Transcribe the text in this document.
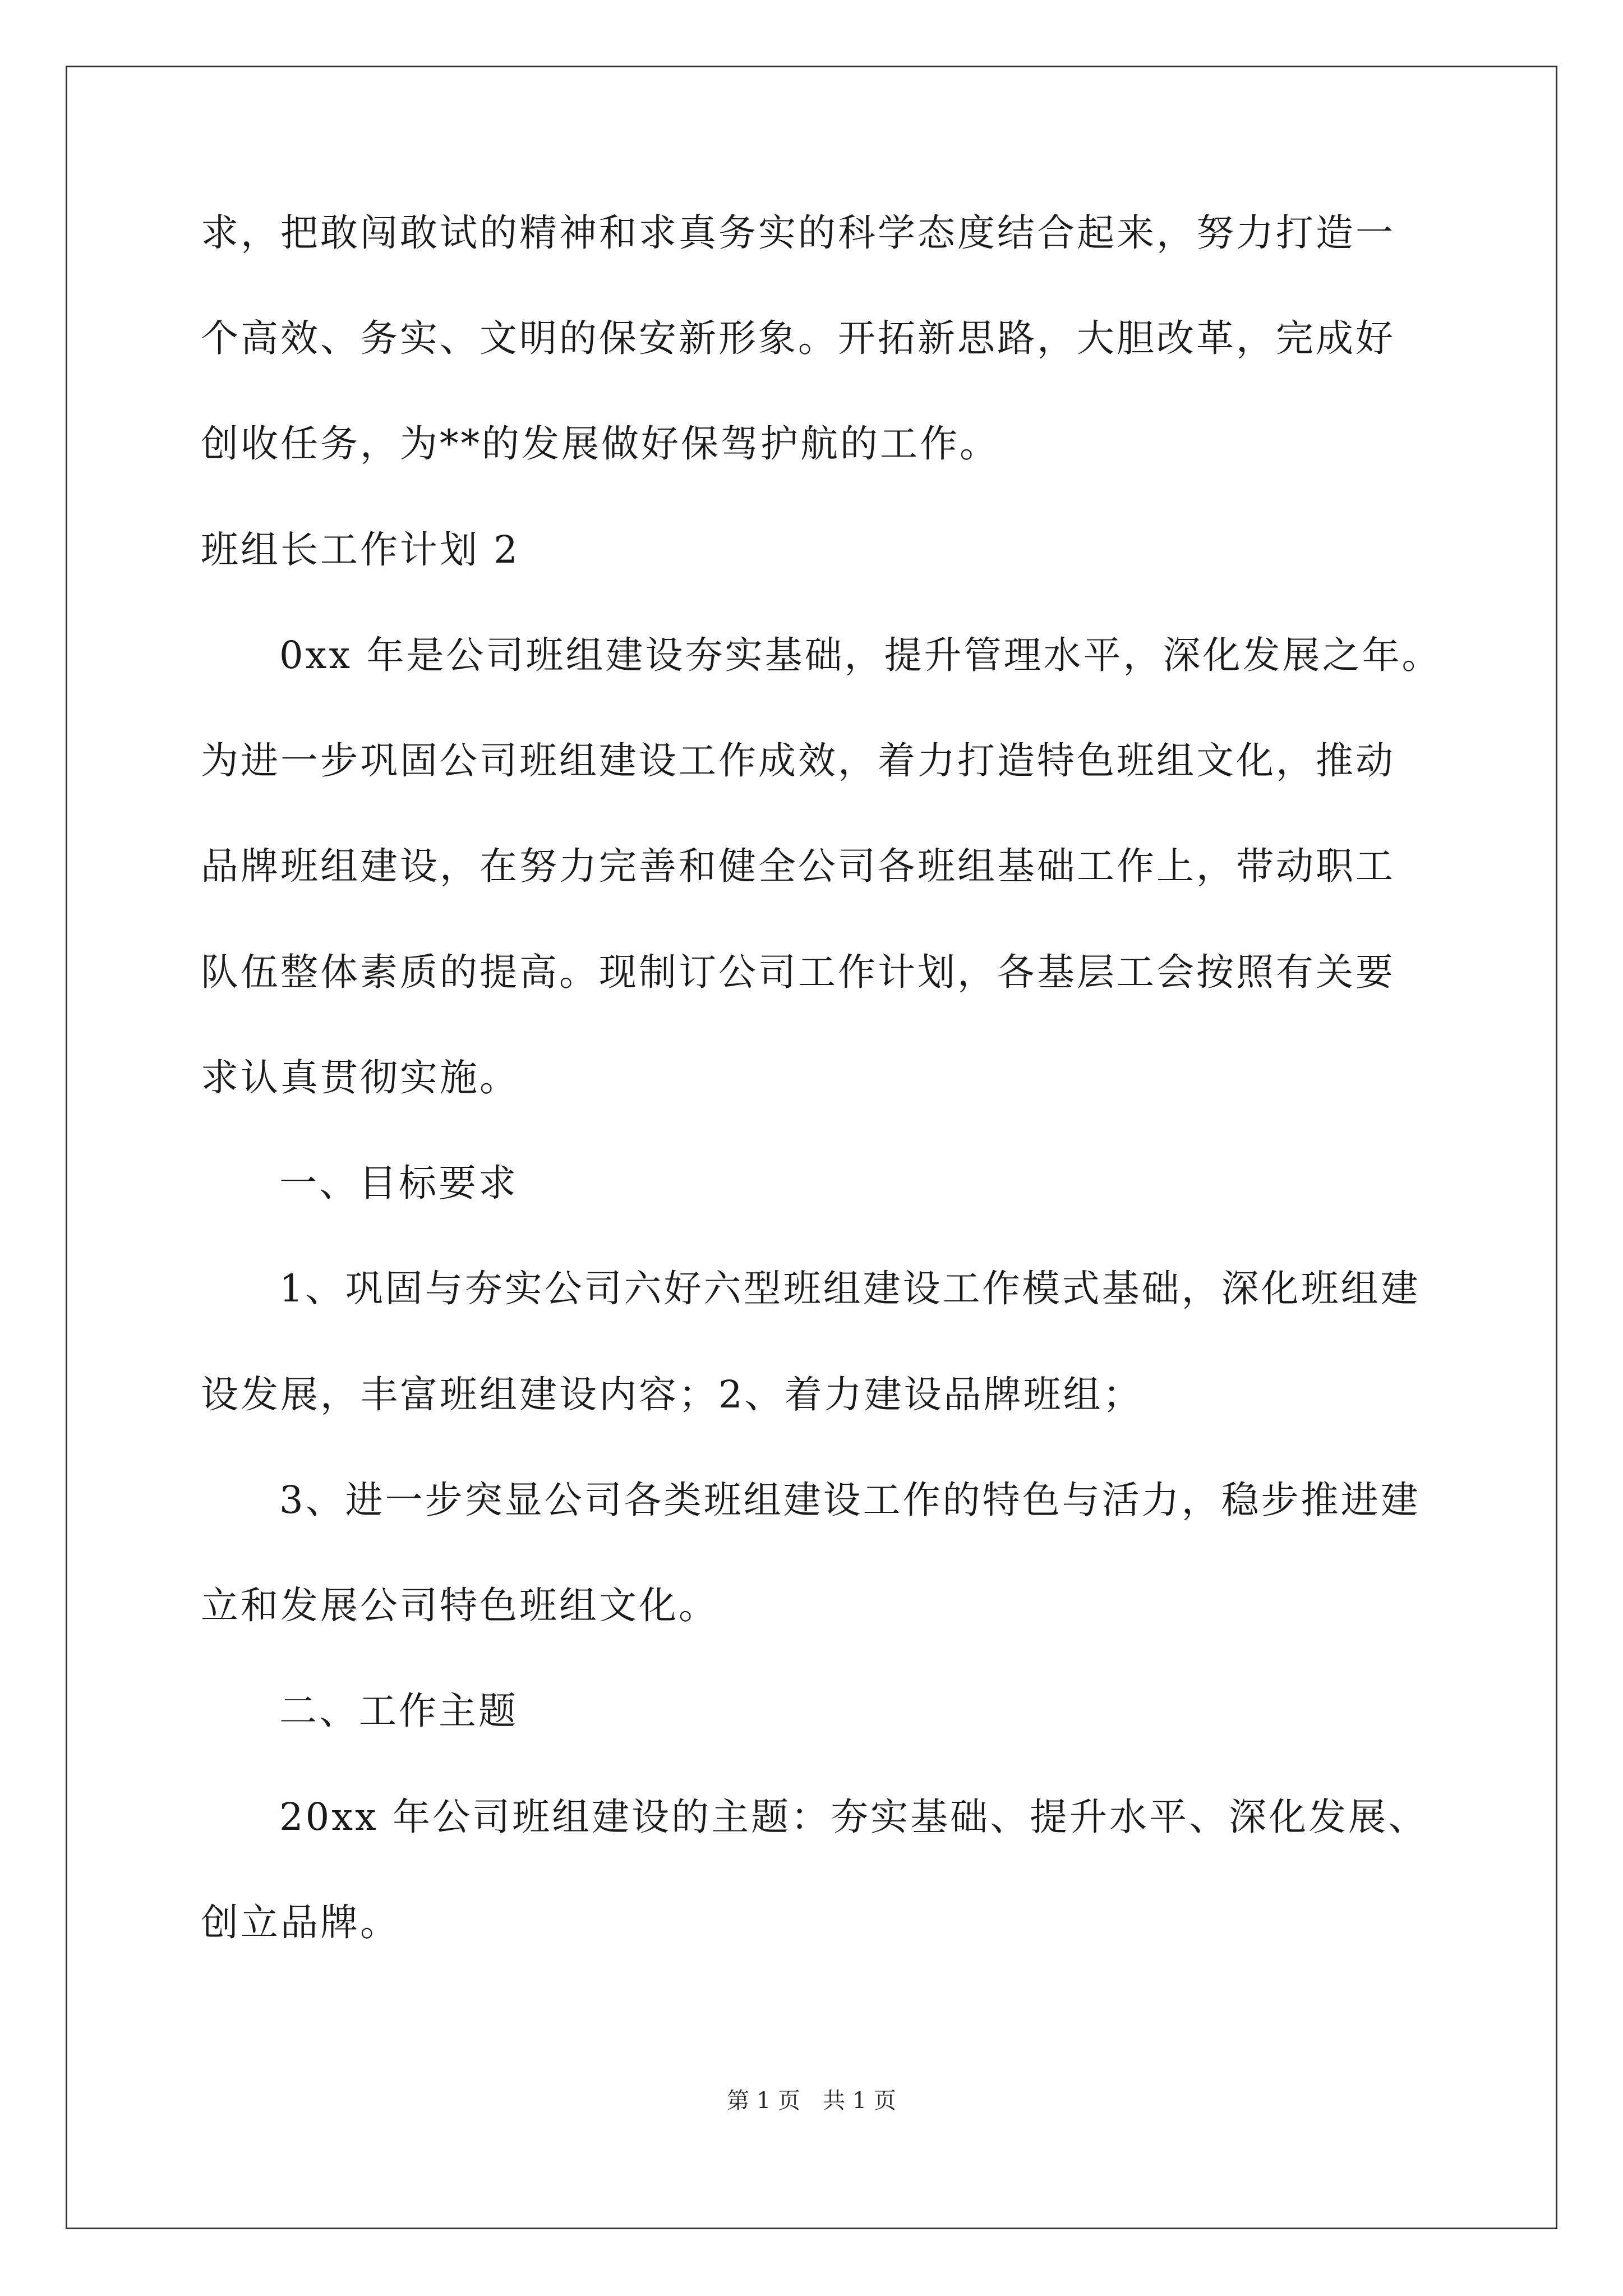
求，把敢闯敢试的精神和求真务实的科学态度结合起来，努力打造一
个高效、务实、文明的保安新形象。开拓新思路，大胆改革，完成好
创收任务，为**的发展做好保驾护航的工作。
班组长工作计划 2
0xx 年是公司班组建设夯实基础，提升管理水平，深化发展之年。
为进一步巩固公司班组建设工作成效，着力打造特色班组文化，推动
品牌班组建设，在努力完善和健全公司各班组基础工作上，带动职工
队伍整体素质的提高。现制订公司工作计划，各基层工会按照有关要
求认真贯彻实施。
一、目标要求
1、巩固与夯实公司六好六型班组建设工作模式基础，深化班组建
设发展，丰富班组建设内容；2、着力建设品牌班组；
3、进一步突显公司各类班组建设工作的特色与活力，稳步推进建
立和发展公司特色班组文化。
二、工作主题
20xx 年公司班组建设的主题：夯实基础、提升水平、深化发展、
创立品牌。
第 1 页　共 1 页
